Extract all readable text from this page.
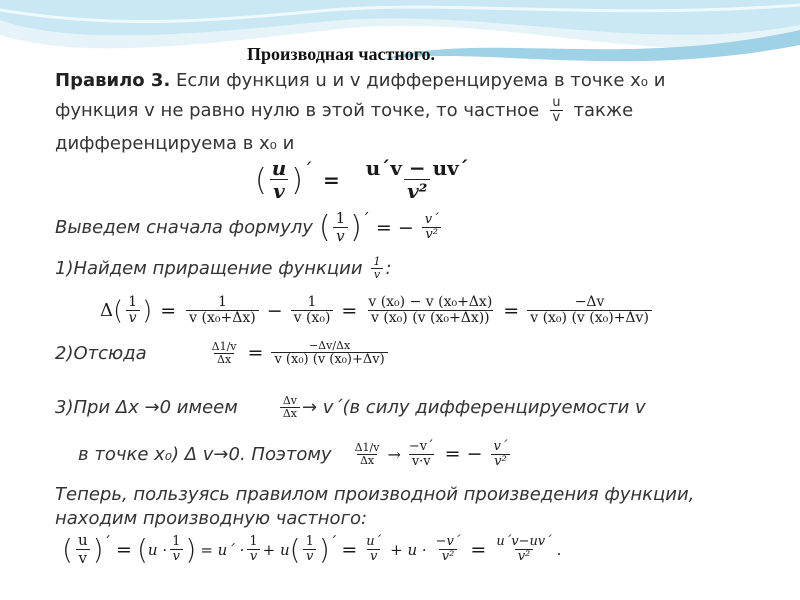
Производная частного.
Правило 3. Если функция u и v дифференцируема в точке x₀ и
функция v не равно нулю в этой точке, то частное $\frac{u}{v}$ также
дифференцируема в x₀ и
( $\frac{u}{v}$ ) ´ = $\frac{u´v - uv´}{\text{v²}}$
Выведем сначала формулу ( $\frac{1}{v}$ ) ´ = − $\frac{v´}{\text{v²}}$
1)Найдем приращение функции $\frac{1}{v}$ :
Δ ( $\frac{1}{v}$ ) = $\frac{1}{\text{v (x₀+Δx)}} - \frac{1}{\text{v (x₀)}} = \frac{\text{v (x₀) − v (x₀+Δx)}}{\text{v (x₀) (v (x₀+Δx))}} = \frac{-\Delta v}{\text{v (x₀) (v (x₀)+Δv)}}$
2)Отсюда	$\frac{\Delta 1/v}{\Delta x} = \frac{-\Delta v/\Delta x}{\text{v (x₀) (v (x₀)+Δv)}}$
3)При Δx →0 имеем	$\frac{\Delta v}{\Delta x}$ → v´(в силу дифференцируемости v
в точке x₀) Δ v→0. Поэтому $\frac{\Delta 1/v}{\Delta x} \to \frac{-v´}{v\cdot v}$ = − $\frac{v´}{\text{v²}}$
Теперь, пользуясь правилом производной произведения функции,
находим производную частного:
( $\frac{u}{v}$ ) ´ = ( $u \cdot \frac{1}{v}$ ) = u´ · $\frac{1}{v} + u$ ( $\frac{1}{v}$ ) ´ = $\frac{u´}{v} + u \cdot \frac{-v´}{\text{v²}} = \frac{u´v-uv´}{\text{v²}}$ .
